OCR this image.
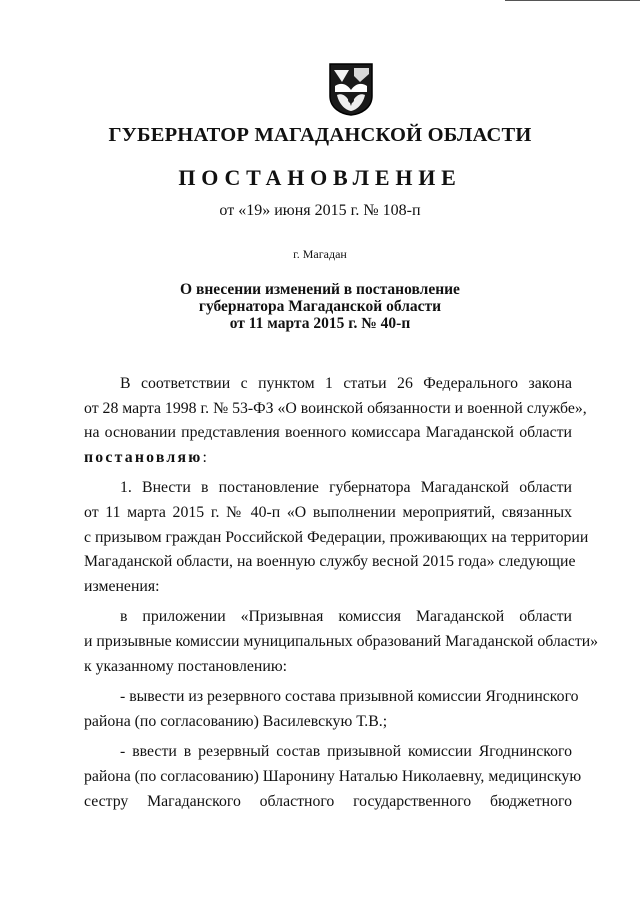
ГУБЕРНАТОР МАГАДАНСКОЙ ОБЛАСТИ
ПОСТАНОВЛЕНИЕ
от «19» июня 2015 г. № 108-п
г. Магадан
О внесении изменений в постановление
губернатора Магаданской области
от 11 марта 2015 г. № 40-п
В соответствии с пунктом 1 статьи 26 Федерального закона
от 28 марта 1998 г. № 53-ФЗ «О воинской обязанности и военной службе»,
на основании представления военного комиссара Магаданской области
постановляю:
1. Внести в постановление губернатора Магаданской области
от 11 марта 2015 г. № 40-п «О выполнении мероприятий, связанных
с призывом граждан Российской Федерации, проживающих на территории
Магаданской области, на военную службу весной 2015 года» следующие
изменения:
в приложении «Призывная комиссия Магаданской области
и призывные комиссии муниципальных образований Магаданской области»
к указанному постановлению:
- вывести из резервного состава призывной комиссии Ягоднинского
района (по согласованию) Василевскую Т.В.;
- ввести в резервный состав призывной комиссии Ягоднинского
района (по согласованию) Шаронину Наталью Николаевну, медицинскую
сестру Магаданского областного государственного бюджетного
